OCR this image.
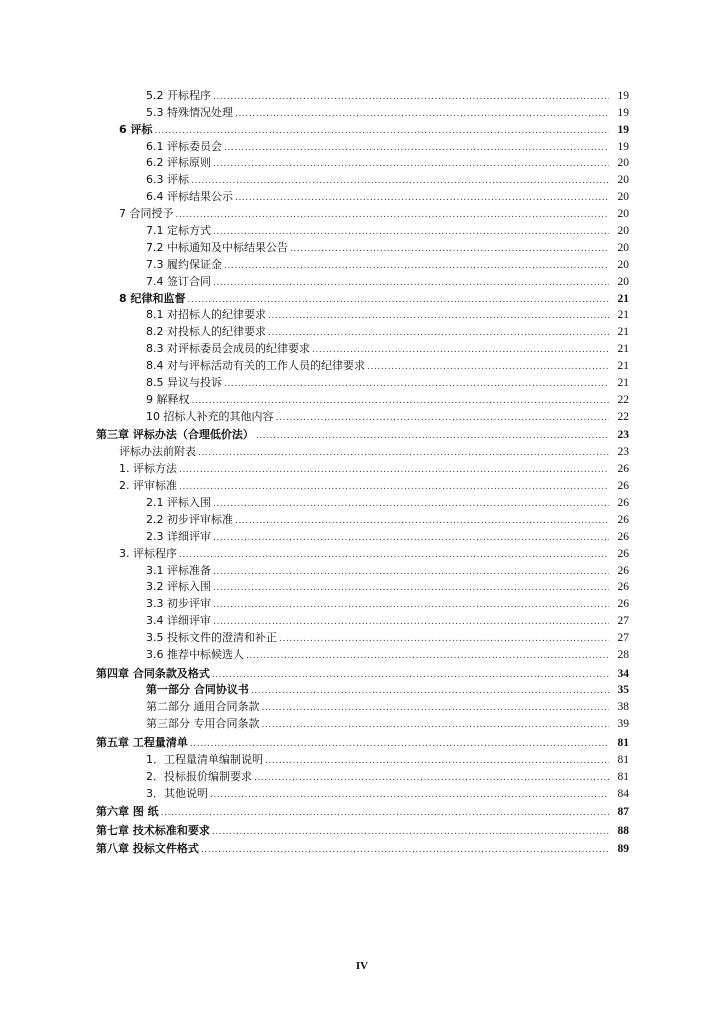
5.2 开标程序 .....	19
5.3 特殊情况处理 .....	19
6 评标 .....	19
6.1 评标委员会 .....	19
6.2 评标原则 .....	20
6.3 评标 .....	20
6.4 评标结果公示 .....	20
7 合同授予 .....	20
7.1 定标方式 .....	20
7.2 中标通知及中标结果公告 .....	20
7.3 履约保证金 .....	20
7.4 签订合同 .....	20
8 纪律和监督 .....	21
8.1 对招标人的纪律要求 .....	21
8.2 对投标人的纪律要求 .....	21
8.3 对评标委员会成员的纪律要求 .....	21
8.4 对与评标活动有关的工作人员的纪律要求 .....	21
8.5 异议与投诉 .....	21
9 解释权 .....	22
10 招标人补充的其他内容 .....	22
第三章 评标办法（合理低价法） .....	23
评标办法前附表 .....	23
1. 评标方法 .....	26
2. 评审标准 .....	26
2.1 评标入围 .....	26
2.2 初步评审标准 .....	26
2.3 详细评审 .....	26
3. 评标程序 .....	26
3.1 评标准备 .....	26
3.2 评标入围 .....	26
3.3 初步评审 .....	26
3.4 详细评审 .....	27
3.5 投标文件的澄清和补正 .....	27
3.6 推荐中标候选人 .....	28
第四章 合同条款及格式 .....	34
第一部分 合同协议书 .....	35
第二部分 通用合同条款 .....	38
第三部分 专用合同条款 .....	39
第五章 工程量清单 .....	81
1．工程量清单编制说明 .....	81
2．投标报价编制要求 .....	81
3．其他说明 .....	84
第六章 图 纸 .....	87
第七章 技术标准和要求 .....	88
第八章 投标文件格式 .....	89
IV
